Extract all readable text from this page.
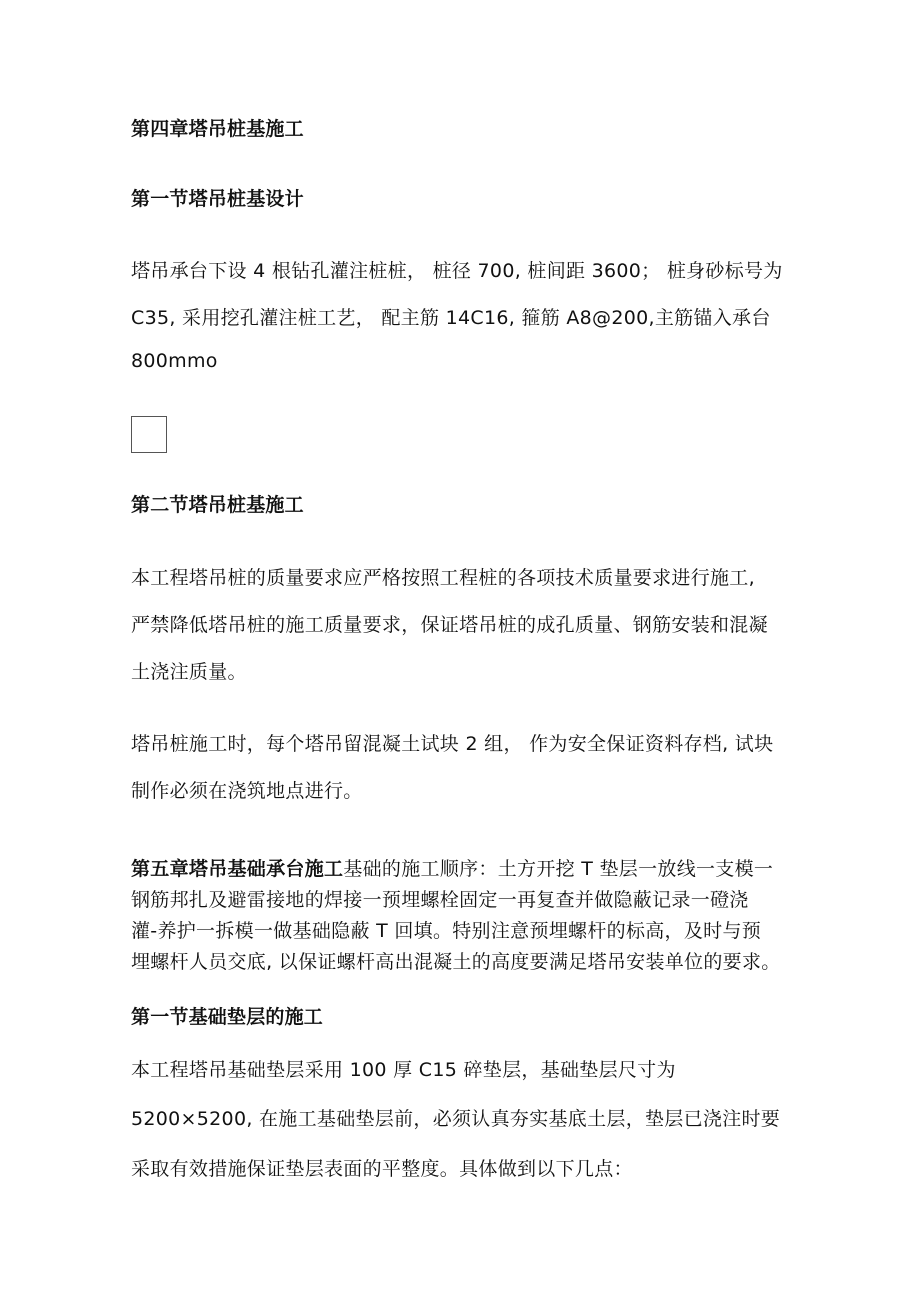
第四章塔吊桩基施工
第一节塔吊桩基设计
塔吊承台下设 4 根钻孔灌注桩桩， 桩径 700, 桩间距 3600； 桩身砂标号为
C35, 采用挖孔灌注桩工艺， 配主筋 14C16, 箍筋 A8@200,主筋锚入承台
800mmo
第二节塔吊桩基施工
本工程塔吊桩的质量要求应严格按照工程桩的各项技术质量要求进行施工,
严禁降低塔吊桩的施工质量要求，保证塔吊桩的成孔质量、钢筋安装和混凝
土浇注质量。
塔吊桩施工时，每个塔吊留混凝土试块 2 组， 作为安全保证资料存档, 试块
制作必须在浇筑地点进行。
第五章塔吊基础承台施工基础的施工顺序：土方开挖 T 垫层一放线一支模一
钢筋邦扎及避雷接地的焊接一预埋螺栓固定一再复查并做隐蔽记录一磴浇
灌-养护一拆模一做基础隐蔽 T 回填。特别注意预埋螺杆的标高，及时与预
埋螺杆人员交底, 以保证螺杆高出混凝土的高度要满足塔吊安装单位的要求。
第一节基础垫层的施工
本工程塔吊基础垫层采用 100 厚 C15 碎垫层，基础垫层尺寸为
5200×5200, 在施工基础垫层前，必须认真夯实基底土层，垫层已浇注时要
采取有效措施保证垫层表面的平整度。具体做到以下几点：
